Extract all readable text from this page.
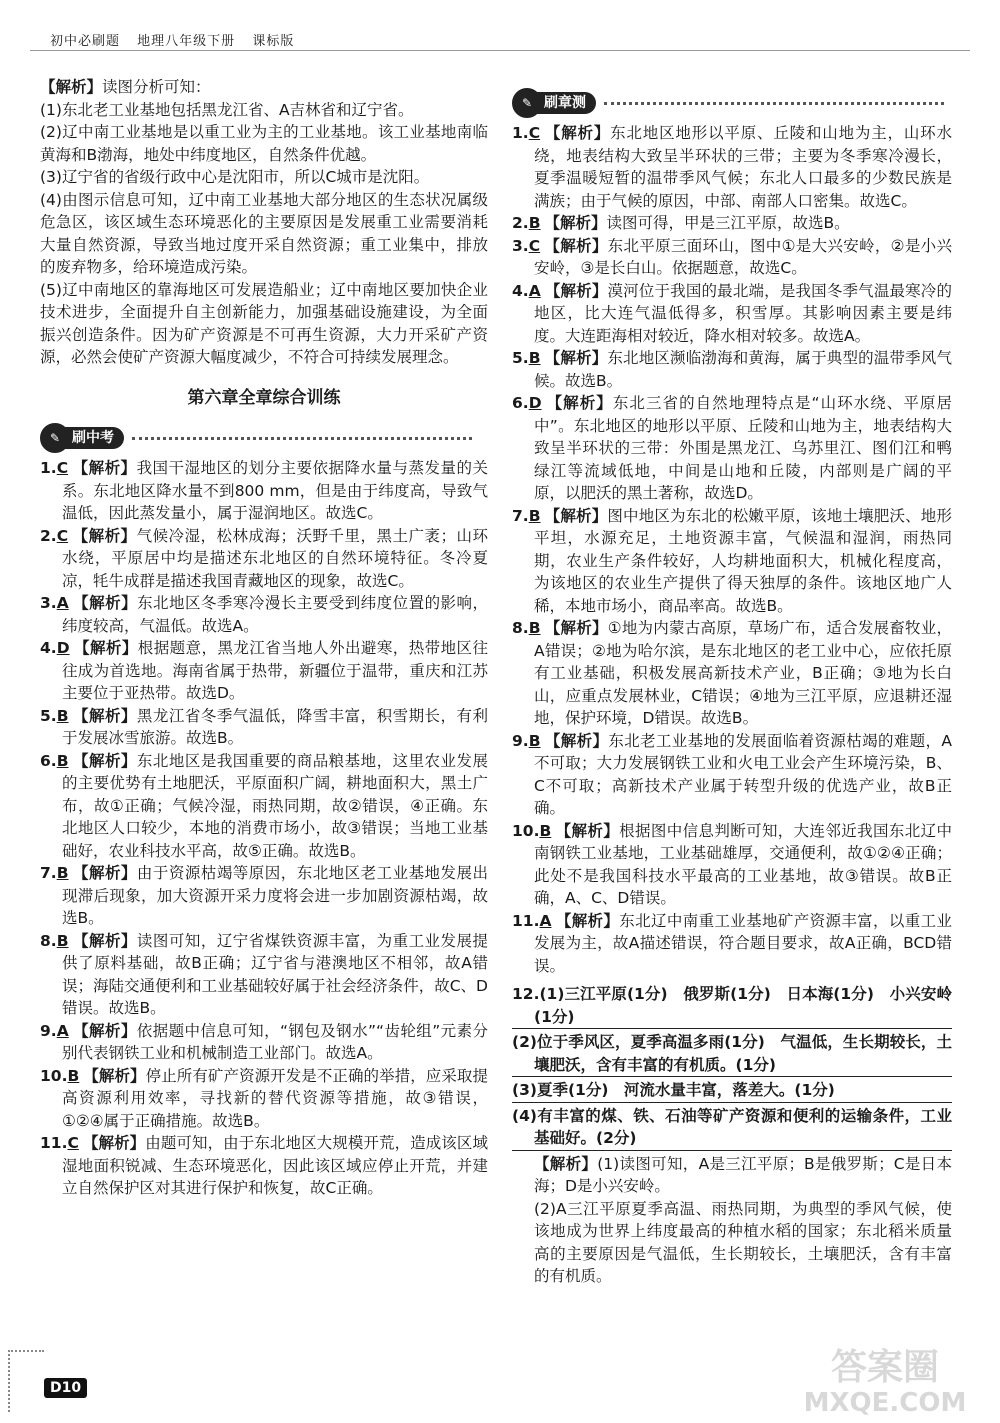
初中必刷题 地理八年级下册 课标版

【解析】读图分析可知：

(1)东北老工业基地包括黑龙江省、A吉林省和辽宁省。

(2)辽中南工业基地是以重工业为主的工业基地。该工业基地南临黄海和B渤海，地处中纬度地区，自然条件优越。

(3)辽宁省的省级行政中心是沈阳市，所以C城市是沈阳。

(4)由图示信息可知，辽中南工业基地大部分地区的生态状况属级危急区，该区域生态环境恶化的主要原因是发展重工业需要消耗大量自然资源，导致当地过度开采自然资源；重工业集中，排放的废弃物多，给环境造成污染。

(5)辽中南地区的靠海地区可发展造船业；辽中南地区要加快企业技术进步，全面提升自主创新能力，加强基础设施建设，为全面振兴创造条件。因为矿产资源是不可再生资源，大力开采矿产资源，必然会使矿产资源大幅度减少，不符合可持续发展理念。

第六章全章综合训练
✎ 刷中考

1.C 【解析】我国干湿地区的划分主要依据降水量与蒸发量的关系。东北地区降水量不到800 mm，但是由于纬度高，导致气温低，因此蒸发量小，属于湿润地区。故选C。

2.C 【解析】气候冷湿，松林成海；沃野千里，黑土广袤；山环水绕，平原居中均是描述东北地区的自然环境特征。冬冷夏凉，牦牛成群是描述我国青藏地区的现象，故选C。

3.A 【解析】东北地区冬季寒冷漫长主要受到纬度位置的影响，纬度较高，气温低。故选A。

4.D 【解析】根据题意，黑龙江省当地人外出避寒，热带地区往往成为首选地。海南省属于热带，新疆位于温带，重庆和江苏主要位于亚热带。故选D。

5.B 【解析】黑龙江省冬季气温低，降雪丰富，积雪期长，有利于发展冰雪旅游。故选B。

6.B 【解析】东北地区是我国重要的商品粮基地，这里农业发展的主要优势有土地肥沃，平原面积广阔，耕地面积大，黑土广布，故①正确；气候冷湿，雨热同期，故②错误，④正确。东北地区人口较少，本地的消费市场小，故③错误；当地工业基础好，农业科技水平高，故⑤正确。故选B。

7.B 【解析】由于资源枯竭等原因，东北地区老工业基地发展出现滞后现象，加大资源开采力度将会进一步加剧资源枯竭，故选B。

8.B 【解析】读图可知，辽宁省煤铁资源丰富，为重工业发展提供了原料基础，故B正确；辽宁省与港澳地区不相邻，故A错误；海陆交通便利和工业基础较好属于社会经济条件，故C、D错误。故选B。

9.A 【解析】依据题中信息可知，“钢包及钢水”“齿轮组”元素分别代表钢铁工业和机械制造工业部门。故选A。

10.B 【解析】停止所有矿产资源开发是不正确的举措，应采取提高资源利用效率，寻找新的替代资源等措施，故③错误，①②④属于正确措施。故选B。

11.C 【解析】由题可知，由于东北地区大规模开荒，造成该区域湿地面积锐减、生态环境恶化，因此该区域应停止开荒，并建立自然保护区对其进行保护和恢复，故C正确。

✎ 刷章测

1.C 【解析】东北地区地形以平原、丘陵和山地为主，山环水绕，地表结构大致呈半环状的三带；主要为冬季寒冷漫长，夏季温暖短暂的温带季风气候；东北人口最多的少数民族是满族；由于气候的原因，中部、南部人口密集。故选C。

2.B 【解析】读图可得，甲是三江平原，故选B。

3.C 【解析】东北平原三面环山，图中①是大兴安岭，②是小兴安岭，③是长白山。依据题意，故选C。

4.A 【解析】漠河位于我国的最北端，是我国冬季气温最寒冷的地区，比大连气温低得多，积雪厚。其影响因素主要是纬度。大连距海相对较近，降水相对较多。故选A。

5.B 【解析】东北地区濒临渤海和黄海，属于典型的温带季风气候。故选B。

6.D 【解析】东北三省的自然地理特点是“山环水绕、平原居中”。东北地区的地形以平原、丘陵和山地为主，地表结构大致呈半环状的三带：外围是黑龙江、乌苏里江、图们江和鸭绿江等流域低地，中间是山地和丘陵，内部则是广阔的平原，以肥沃的黑土著称，故选D。

7.B 【解析】图中地区为东北的松嫩平原，该地土壤肥沃、地形平坦，水源充足，土地资源丰富，气候温和湿润，雨热同期，农业生产条件较好，人均耕地面积大，机械化程度高，为该地区的农业生产提供了得天独厚的条件。该地区地广人稀，本地市场小，商品率高。故选B。

8.B 【解析】①地为内蒙古高原，草场广布，适合发展畜牧业，A错误；②地为哈尔滨，是东北地区的老工业中心，应依托原有工业基础，积极发展高新技术产业，B正确；③地为长白山，应重点发展林业，C错误；④地为三江平原，应退耕还湿地，保护环境，D错误。故选B。

9.B 【解析】东北老工业基地的发展面临着资源枯竭的难题，A不可取；大力发展钢铁工业和火电工业会产生环境污染，B、C不可取；高新技术产业属于转型升级的优选产业，故B正确。

10.B 【解析】根据图中信息判断可知，大连邻近我国东北辽中南钢铁工业基地，工业基础雄厚，交通便利，故①②④正确；此处不是我国科技水平最高的工业基地，故③错误。故B正确，A、C、D错误。

11.A 【解析】东北辽中南重工业基地矿产资源丰富，以重工业发展为主，故A描述错误，符合题目要求，故A正确，BCD错误。

12.(1)三江平原(1分)　俄罗斯(1分)　日本海(1分)　小兴安岭(1分)

(2)位于季风区，夏季高温多雨(1分)　气温低，生长期较长，土壤肥沃，含有丰富的有机质。(1分)

(3)夏季(1分)　河流水量丰富，落差大。(1分)

(4)有丰富的煤、铁、石油等矿产资源和便利的运输条件，工业基础好。(2分)

【解析】(1)读图可知，A是三江平原；B是俄罗斯；C是日本海；D是小兴安岭。

(2)A三江平原夏季高温、雨热同期，为典型的季风气候，使该地成为世界上纬度最高的种植水稻的国家；东北稻米质量高的主要原因是气温低，生长期较长，土壤肥沃，含有丰富的有机质。

D10	答案圈
MXQE.COM
